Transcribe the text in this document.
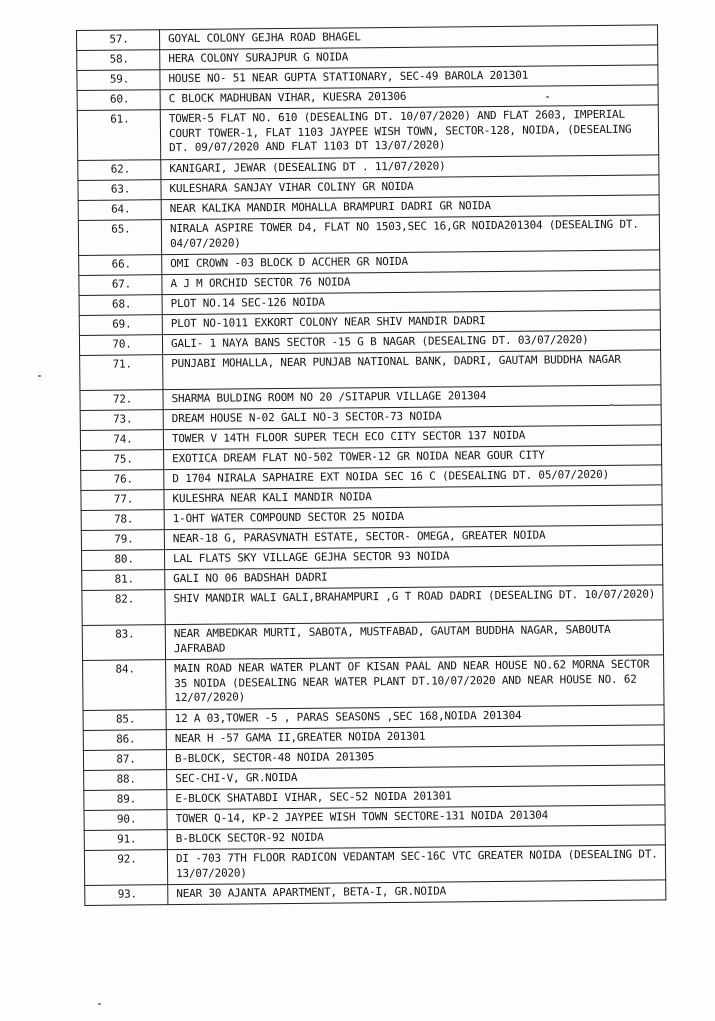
57.	GOYAL COLONY GEJHA ROAD BHAGEL
58.	HERA COLONY SURAJPUR G NOIDA
59.	HOUSE NO- 51 NEAR GUPTA STATIONARY, SEC-49 BAROLA 201301
60.	C BLOCK MADHUBAN VIHAR, KUESRA 201306
61.	TOWER-5 FLAT NO. 610 (DESEALING DT. 10/07/2020) AND FLAT 2603, IMPERIAL COURT TOWER-1, FLAT 1103 JAYPEE WISH TOWN, SECTOR-128, NOIDA, (DESEALING DT. 09/07/2020 AND FLAT 1103 DT 13/07/2020)
62.	KANIGARI, JEWAR (DESEALING DT . 11/07/2020)
63.	KULESHARA SANJAY VIHAR COLINY GR NOIDA
64.	NEAR KALIKA MANDIR MOHALLA BRAMPURI DADRI GR NOIDA
65.	NIRALA ASPIRE TOWER D4, FLAT NO 1503,SEC 16,GR NOIDA201304 (DESEALING DT. 04/07/2020)
66.	OMI CROWN -03 BLOCK D ACCHER GR NOIDA
67.	A J M ORCHID SECTOR 76 NOIDA
68.	PLOT NO.14 SEC-126 NOIDA
69.	PLOT NO-1011 EXKORT COLONY NEAR SHIV MANDIR DADRI
70.	GALI- 1 NAYA BANS SECTOR -15 G B NAGAR (DESEALING DT. 03/07/2020)
71.	PUNJABI MOHALLA, NEAR PUNJAB NATIONAL BANK, DADRI, GAUTAM BUDDHA NAGAR
72.	SHARMA BULDING ROOM NO 20 /SITAPUR VILLAGE 201304
73.	DREAM HOUSE N-02 GALI NO-3 SECTOR-73 NOIDA
74.	TOWER V 14TH FLOOR SUPER TECH ECO CITY SECTOR 137 NOIDA
75.	EXOTICA DREAM FLAT NO-502 TOWER-12 GR NOIDA NEAR GOUR CITY
76.	D 1704 NIRALA SAPHAIRE EXT NOIDA SEC 16 C (DESEALING DT. 05/07/2020)
77.	KULESHRA NEAR KALI MANDIR NOIDA
78.	1-OHT WATER COMPOUND SECTOR 25 NOIDA
79.	NEAR-18 G, PARASVNATH ESTATE, SECTOR- OMEGA, GREATER NOIDA
80.	LAL FLATS SKY VILLAGE GEJHA SECTOR 93 NOIDA
81.	GALI NO 06 BADSHAH DADRI
82.	SHIV MANDIR WALI GALI,BRAHAMPURI ,G T ROAD DADRI (DESEALING DT. 10/07/2020)
83.	NEAR AMBEDKAR MURTI, SABOTA, MUSTFABAD, GAUTAM BUDDHA NAGAR, SABOUTA JAFRABAD
84.	MAIN ROAD NEAR WATER PLANT OF KISAN PAAL AND NEAR HOUSE NO.62 MORNA SECTOR 35 NOIDA (DESEALING NEAR WATER PLANT DT.10/07/2020 AND NEAR HOUSE NO. 62 12/07/2020)
85.	12 A 03,TOWER -5 , PARAS SEASONS ,SEC 168,NOIDA 201304
86.	NEAR H -57 GAMA II,GREATER NOIDA 201301
87.	B-BLOCK, SECTOR-48 NOIDA 201305
88.	SEC-CHI-V, GR.NOIDA
89.	E-BLOCK SHATABDI VIHAR, SEC-52 NOIDA 201301
90.	TOWER Q-14, KP-2 JAYPEE WISH TOWN SECTORE-131 NOIDA 201304
91.	B-BLOCK SECTOR-92 NOIDA
92.	DI -703 7TH FLOOR RADICON VEDANTAM SEC-16C VTC GREATER NOIDA (DESEALING DT. 13/07/2020)
93.	NEAR 30 AJANTA APARTMENT, BETA-I, GR.NOIDA
